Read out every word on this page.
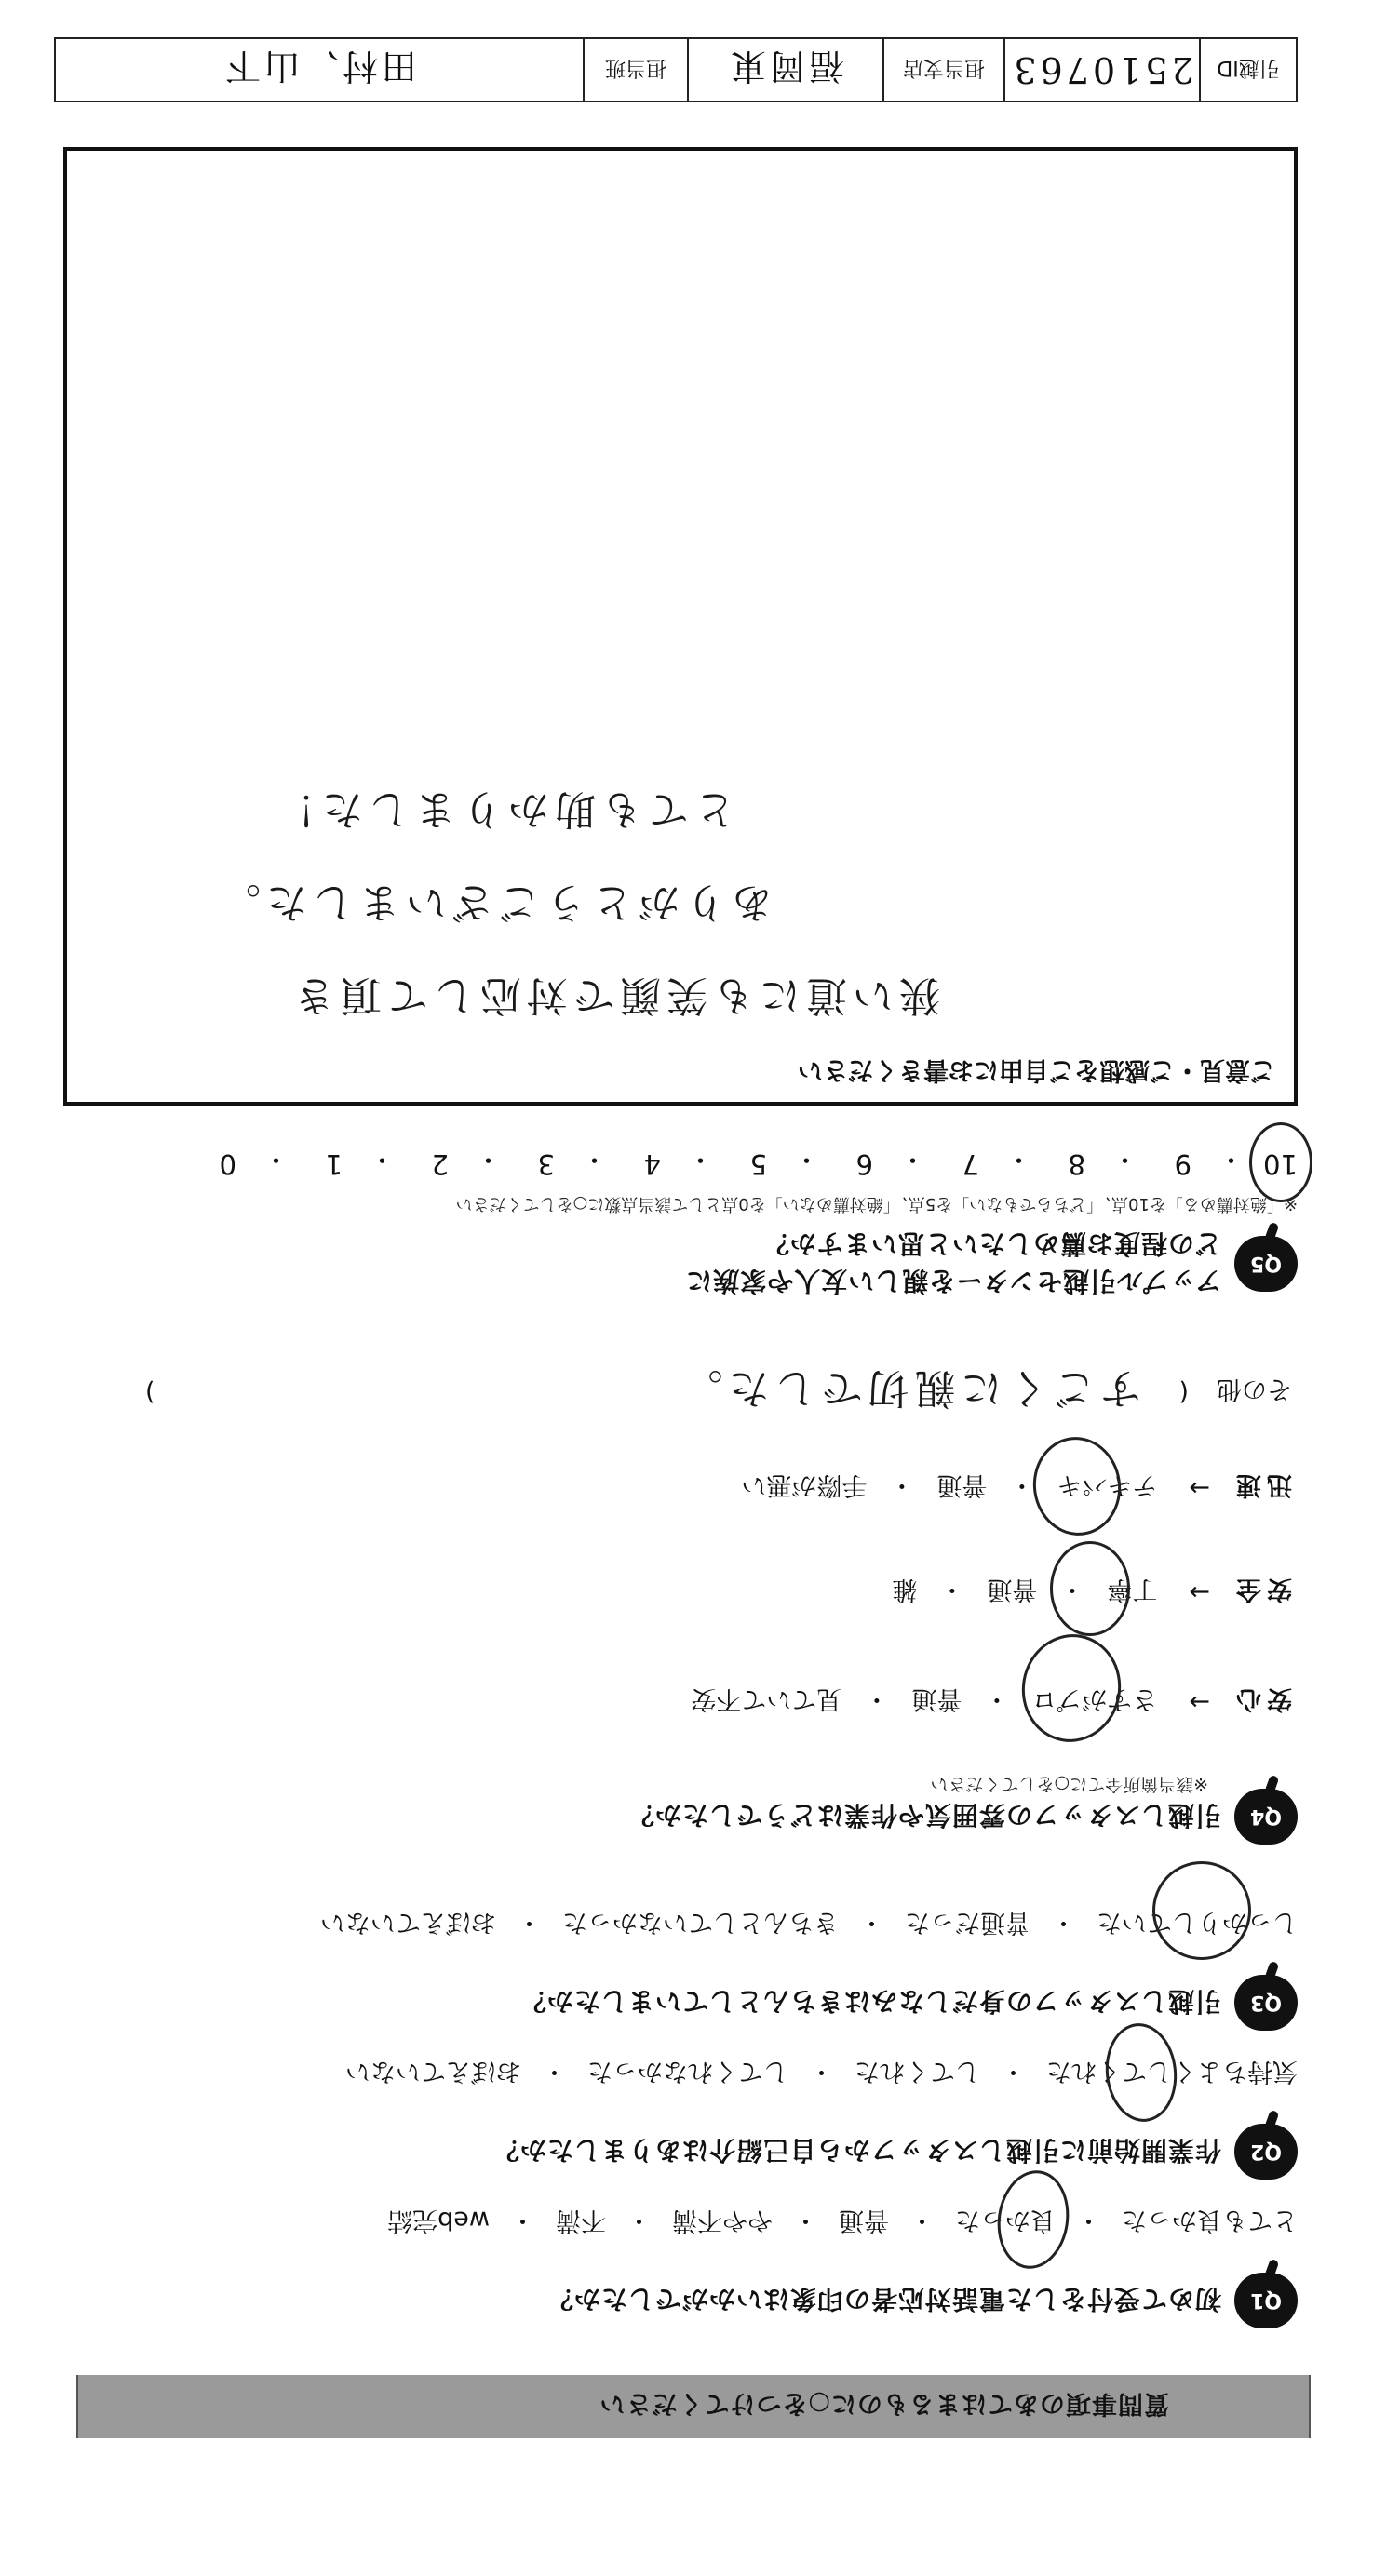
質問事項のあてはまるものに○をつけてください
Q1
初めて受付をした電話対応者の印象はいかがでしたか？
とても良かった
・
良かった
・
普通
・
やや不満
・
不満
・
web完結
Q2
作業開始前に引越しスタッフから自己紹介はありましたか？
気持ちよくしてくれた
・
してくれた
・
してくれなかった
・
おぼえていない
Q3
引越しスタッフの身だしなみはきちんとしていましたか？
しっかりしていた
・
普通だった
・
きちんとしていなかった
・
おぼえていない
Q4
引越しスタッフの雰囲気や作業はどうでしたか？
※該当箇所全てに○をしてください
安心
→
さすがプロ
・
普通
・
見ていて不安
安全
→
丁寧
・
普通
・
雑
迅速
→
テキパキ
・
普通
・
手際が悪い
その他
(
すごくに親切でした。
)
Q5
アップル引越センターを親しい友人や家族に
どの程度お薦めしたいと思いますか？
※「絶対薦める」を10点、「どちらでもない」を5点、「絶対薦めない」を0点として該当点数に○をしてください
10
・
9
・
8
・
7
・
6
・
5
・
4
・
3
・
2
・
1
・
0
ご意見・ご感想をご自由にお書きください
狭い道にも笑顔で対応して頂き
ありがとうございました。
とても助かりました！
引越ID
2510763
担当支店
福岡東
担当班
田村、山下
